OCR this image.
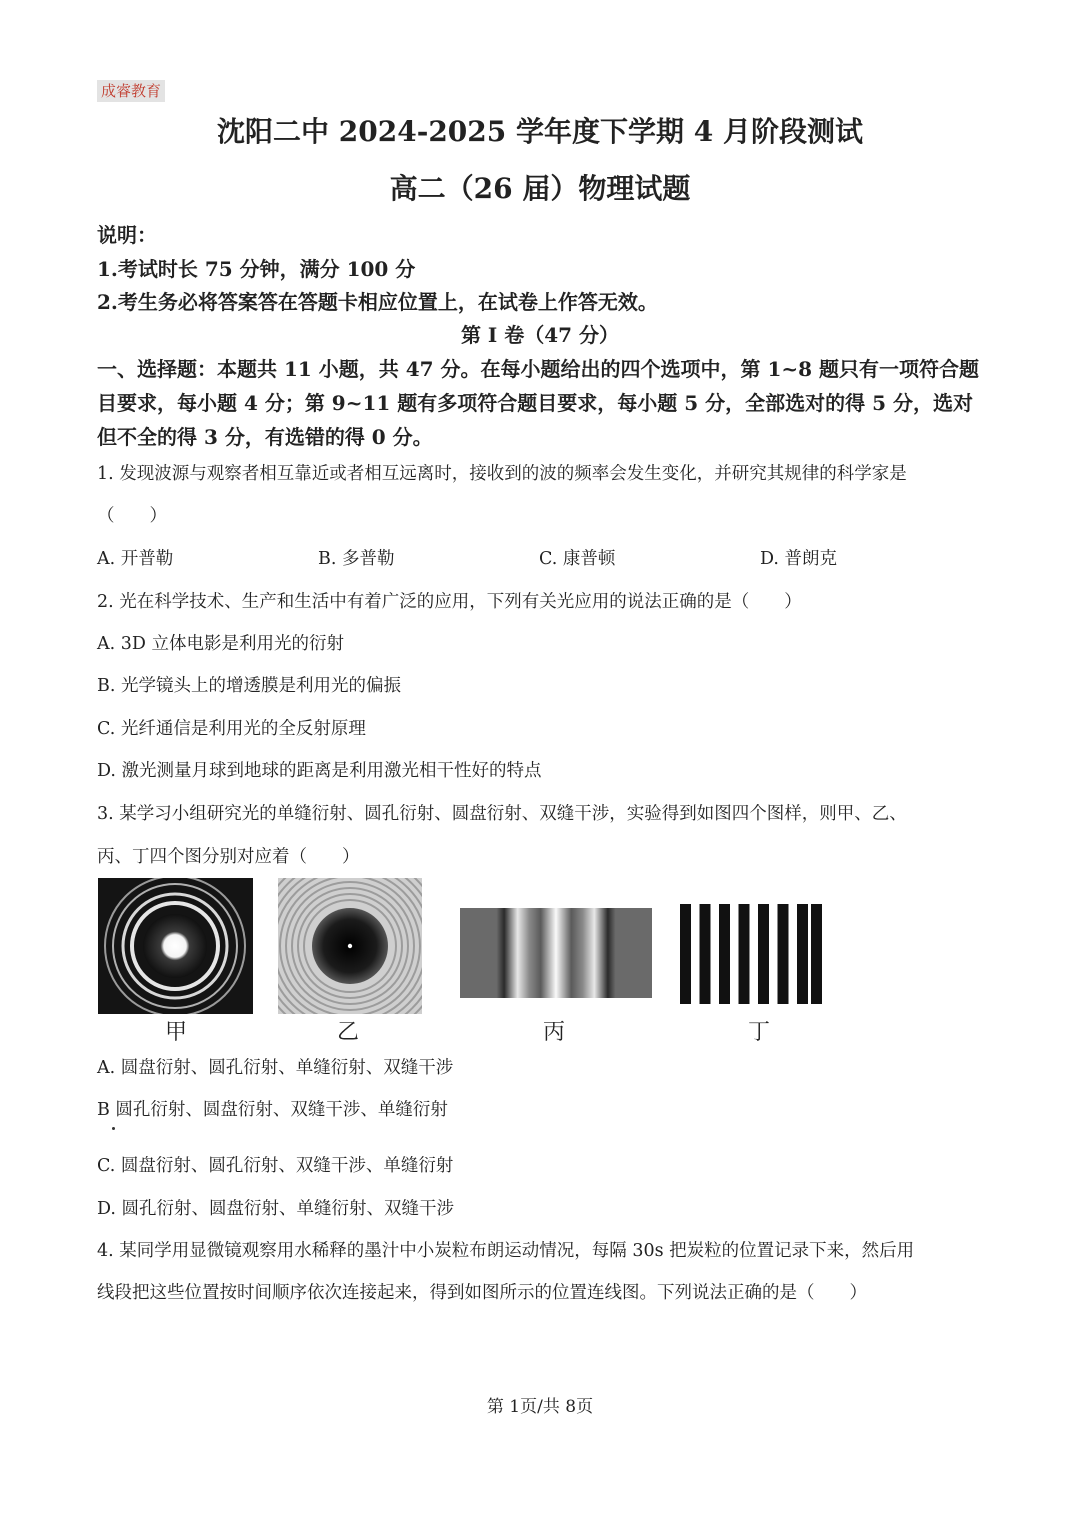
成睿教育
沈阳二中 2024-2025 学年度下学期 4 月阶段测试
高二（26 届）物理试题
说明：
1.考试时长 75 分钟，满分 100 分
2.考生务必将答案答在答题卡相应位置上，在试卷上作答无效。
第 I 卷（47 分）
一、选择题：本题共 11 小题，共 47 分。在每小题给出的四个选项中，第 1~8 题只有一项符合题目要求，每小题 4 分；第 9~11 题有多项符合题目要求，每小题 5 分，全部选对的得 5 分，选对但不全的得 3 分，有选错的得 0 分。
1. 发现波源与观察者相互靠近或者相互远离时，接收到的波的频率会发生变化，并研究其规律的科学家是
（　　）
A. 开普勒	B. 多普勒	C. 康普顿	D. 普朗克
2. 光在科学技术、生产和生活中有着广泛的应用，下列有关光应用的说法正确的是（　　）
A. 3D 立体电影是利用光的衍射
B. 光学镜头上的增透膜是利用光的偏振
C. 光纤通信是利用光的全反射原理
D. 激光测量月球到地球的距离是利用激光相干性好的特点
3. 某学习小组研究光的单缝衍射、圆孔衍射、圆盘衍射、双缝干涉，实验得到如图四个图样，则甲、乙、
丙、丁四个图分别对应着（　　）
甲	乙	丙	丁
A. 圆盘衍射、圆孔衍射、单缝衍射、双缝干涉
B 圆孔衍射、圆盘衍射、双缝干涉、单缝衍射
C. 圆盘衍射、圆孔衍射、双缝干涉、单缝衍射
D. 圆孔衍射、圆盘衍射、单缝衍射、双缝干涉
4. 某同学用显微镜观察用水稀释的墨汁中小炭粒布朗运动情况，每隔 30s 把炭粒的位置记录下来，然后用
线段把这些位置按时间顺序依次连接起来，得到如图所示的位置连线图。下列说法正确的是（　　）
第 1页/共 8页
